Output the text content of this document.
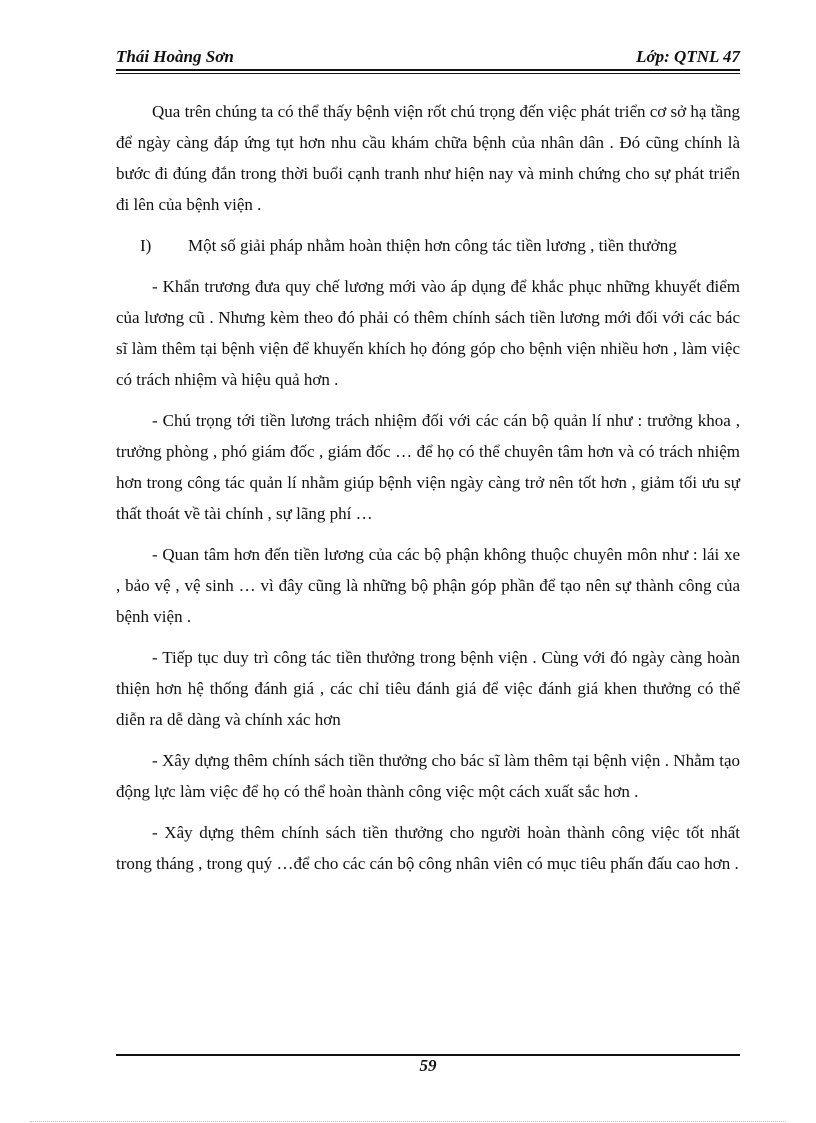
Thái Hoàng Sơn	Lớp: QTNL 47

Qua trên chúng ta có thể thấy bệnh viện rốt chú trọng đến việc phát triển cơ sở hạ tầng để ngày càng đáp ứng tụt hơn nhu cầu khám chữa bệnh của nhân dân . Đó cũng chính là bước đi đúng đắn trong thời buổi cạnh tranh như hiện nay và minh chứng cho sự phát triển đi lên của bệnh viện .

I)	Một số giải pháp nhằm hoàn thiện hơn công tác tiền lương , tiền thưởng

- Khẩn trương đưa quy chế lương mới vào áp dụng để khắc phục những khuyết điểm của lương cũ . Nhưng kèm theo đó phải có thêm chính sách tiền lương mới đối với các bác sĩ làm thêm tại bệnh viện để khuyến khích họ đóng góp cho bệnh viện nhiều hơn , làm việc có trách nhiệm và hiệu quả hơn .

- Chú trọng tới tiền lương trách nhiệm đối với các cán bộ quản lí như : trưởng khoa , trưởng phòng , phó giám đốc , giám đốc … để họ có thể chuyên tâm hơn và có trách nhiệm hơn trong công tác quản lí nhằm giúp bệnh viện ngày càng trở nên tốt hơn , giảm tối ưu sự thất thoát về tài chính , sự lãng phí …

- Quan tâm hơn đến tiền lương của các bộ phận không thuộc chuyên môn như : lái xe , bảo vệ , vệ sinh … vì đây cũng là những bộ phận góp phần để tạo nên sự thành công của bệnh viện .

- Tiếp tục duy trì công tác tiền thưởng trong bệnh viện . Cùng với đó ngày càng hoàn thiện hơn hệ thống đánh giá , các chỉ tiêu đánh giá để việc đánh giá khen thưởng có thể diễn ra dễ dàng và chính xác hơn

- Xây dựng thêm chính sách tiền thưởng cho bác sĩ làm thêm tại bệnh viện . Nhằm tạo động lực làm việc để họ có thể hoàn thành công việc một cách xuất sắc hơn .

- Xây dựng thêm chính sách tiền thưởng cho người hoàn thành công việc tốt nhất trong tháng , trong quý …để cho các cán bộ công nhân viên có mục tiêu phấn đấu cao hơn .

59
